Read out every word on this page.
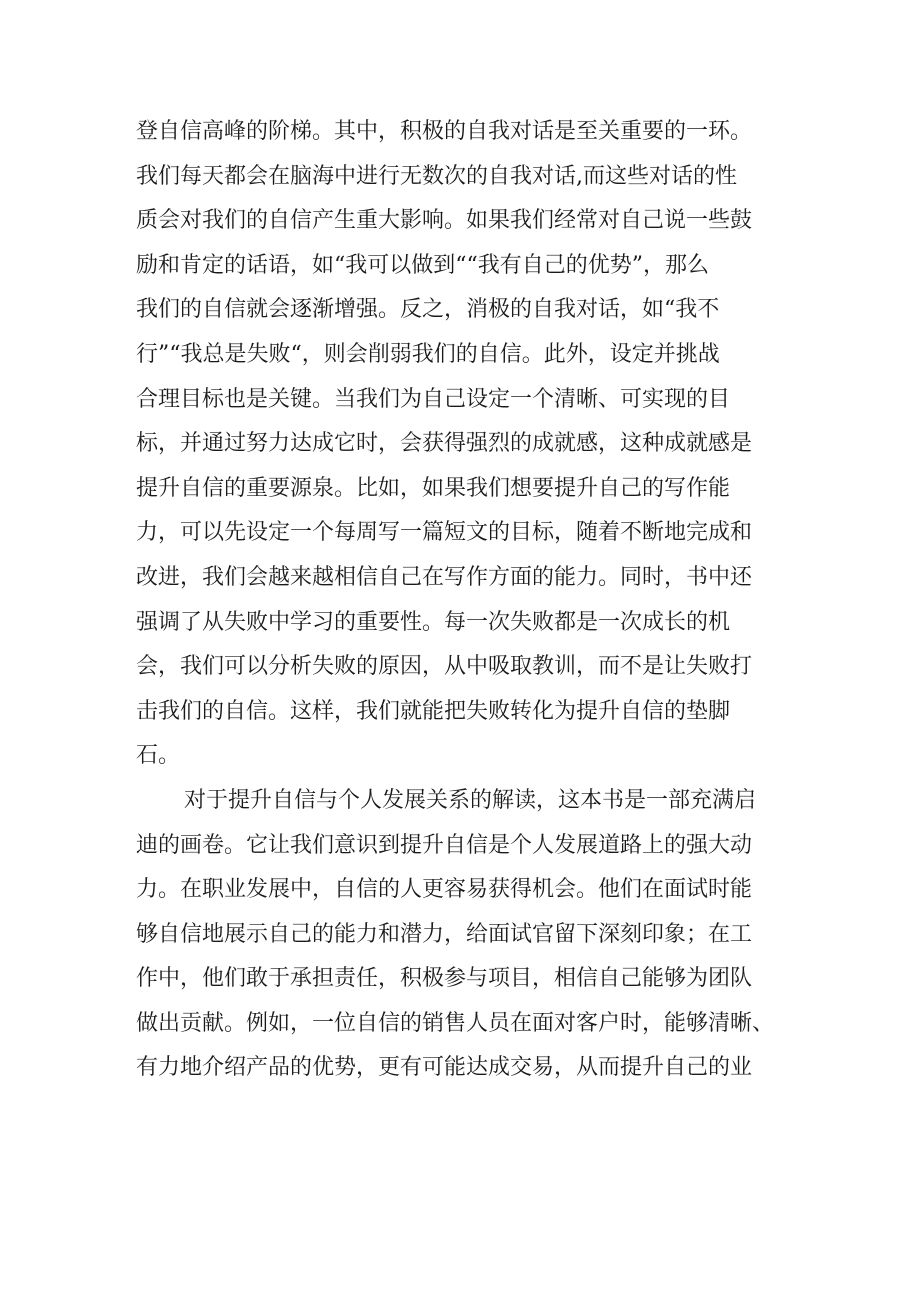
登自信高峰的阶梯。其中，积极的自我对话是至关重要的一环。
我们每天都会在脑海中进行无数次的自我对话,而这些对话的性
质会对我们的自信产生重大影响。如果我们经常对自己说一些鼓
励和肯定的话语，如“我可以做到““我有自己的优势”，那么
我们的自信就会逐渐增强。反之，消极的自我对话，如“我不
行”“我总是失败“，则会削弱我们的自信。此外，设定并挑战
合理目标也是关键。当我们为自己设定一个清晰、可实现的目
标，并通过努力达成它时，会获得强烈的成就感，这种成就感是
提升自信的重要源泉。比如，如果我们想要提升自己的写作能
力，可以先设定一个每周写一篇短文的目标，随着不断地完成和
改进，我们会越来越相信自己在写作方面的能力。同时，书中还
强调了从失败中学习的重要性。每一次失败都是一次成长的机
会，我们可以分析失败的原因，从中吸取教训，而不是让失败打
击我们的自信。这样，我们就能把失败转化为提升自信的垫脚
石。
对于提升自信与个人发展关系的解读，这本书是一部充满启
迪的画卷。它让我们意识到提升自信是个人发展道路上的强大动
力。在职业发展中，自信的人更容易获得机会。他们在面试时能
够自信地展示自己的能力和潜力，给面试官留下深刻印象；在工
作中，他们敢于承担责任，积极参与项目，相信自己能够为团队
做出贡献。例如，一位自信的销售人员在面对客户时，能够清晰、
有力地介绍产品的优势，更有可能达成交易，从而提升自己的业
